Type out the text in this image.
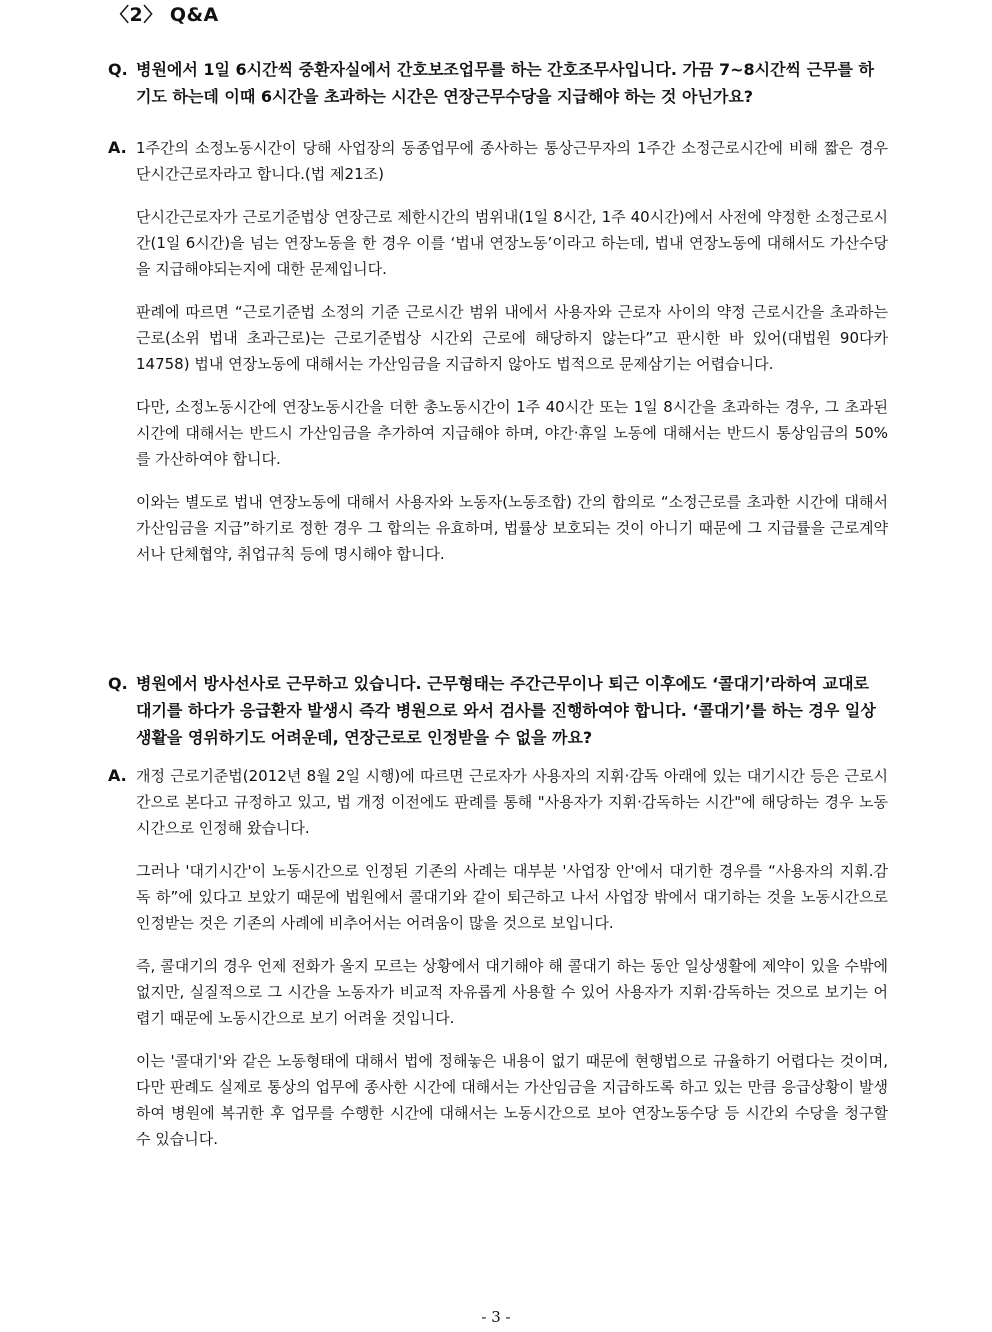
〈2〉 Q&A
Q. 병원에서 1일 6시간씩 중환자실에서 간호보조업무를 하는 간호조무사입니다. 가끔 7~8시간씩 근무를 하기도 하는데 이때 6시간을 초과하는 시간은 연장근무수당을 지급해야 하는 것 아닌가요?
A. 1주간의 소정노동시간이 당해 사업장의 동종업무에 종사하는 통상근무자의 1주간 소정근로시간에 비해 짧은 경우 단시간근로자라고 합니다.(법 제21조)
단시간근로자가 근로기준법상 연장근로 제한시간의 범위내(1일 8시간, 1주 40시간)에서 사전에 약정한 소정근로시간(1일 6시간)을 넘는 연장노동을 한 경우 이를 ‘법내 연장노동’이라고 하는데, 법내 연장노동에 대해서도 가산수당을 지급해야되는지에 대한 문제입니다.
판례에 따르면 “근로기준법 소정의 기준 근로시간 범위 내에서 사용자와 근로자 사이의 약정 근로시간을 초과하는 근로(소위 법내 초과근로)는 근로기준법상 시간외 근로에 해당하지 않는다”고 판시한 바 있어(대법원 90다카14758) 법내 연장노동에 대해서는 가산임금을 지급하지 않아도 법적으로 문제삼기는 어렵습니다.
다만, 소정노동시간에 연장노동시간을 더한 총노동시간이 1주 40시간 또는 1일 8시간을 초과하는 경우, 그 초과된 시간에 대해서는 반드시 가산임금을 추가하여 지급해야 하며, 야간·휴일 노동에 대해서는 반드시 통상임금의 50%를 가산하여야 합니다.
이와는 별도로 법내 연장노동에 대해서 사용자와 노동자(노동조합) 간의 합의로 “소정근로를 초과한 시간에 대해서 가산임금을 지급”하기로 정한 경우 그 합의는 유효하며, 법률상 보호되는 것이 아니기 때문에 그 지급률을 근로계약서나 단체협약, 취업규칙 등에 명시해야 합니다.
Q. 병원에서 방사선사로 근무하고 있습니다. 근무형태는 주간근무이나 퇴근 이후에도 ‘콜대기’라하여 교대로 대기를 하다가 응급환자 발생시 즉각 병원으로 와서 검사를 진행하여야 합니다. ‘콜대기’를 하는 경우 일상생활을 영위하기도 어려운데, 연장근로로 인정받을 수 없을 까요?
A. 개정 근로기준법(2012년 8월 2일 시행)에 따르면 근로자가 사용자의 지휘·감독 아래에 있는 대기시간 등은 근로시간으로 본다고 규정하고 있고, 법 개정 이전에도 판례를 통해 "사용자가 지휘·감독하는 시간"에 해당하는 경우 노동시간으로 인정해 왔습니다.
그러나 '대기시간'이 노동시간으로 인정된 기존의 사례는 대부분 '사업장 안'에서 대기한 경우를 “사용자의 지휘.감독 하”에 있다고 보았기 때문에 법원에서 콜대기와 같이 퇴근하고 나서 사업장 밖에서 대기하는 것을 노동시간으로 인정받는 것은 기존의 사례에 비추어서는 어려움이 많을 것으로 보입니다.
즉, 콜대기의 경우 언제 전화가 올지 모르는 상황에서 대기해야 해 콜대기 하는 동안 일상생활에 제약이 있을 수밖에 없지만, 실질적으로 그 시간을 노동자가 비교적 자유롭게 사용할 수 있어 사용자가 지휘·감독하는 것으로 보기는 어렵기 때문에 노동시간으로 보기 어려울 것입니다.
이는 '콜대기'와 같은 노동형태에 대해서 법에 정해놓은 내용이 없기 때문에 현행법으로 규율하기 어렵다는 것이며, 다만 판례도 실제로 통상의 업무에 종사한 시간에 대해서는 가산임금을 지급하도록 하고 있는 만큼 응급상황이 발생하여 병원에 복귀한 후 업무를 수행한 시간에 대해서는 노동시간으로 보아 연장노동수당 등 시간외 수당을 청구할 수 있습니다.
- 3 -
